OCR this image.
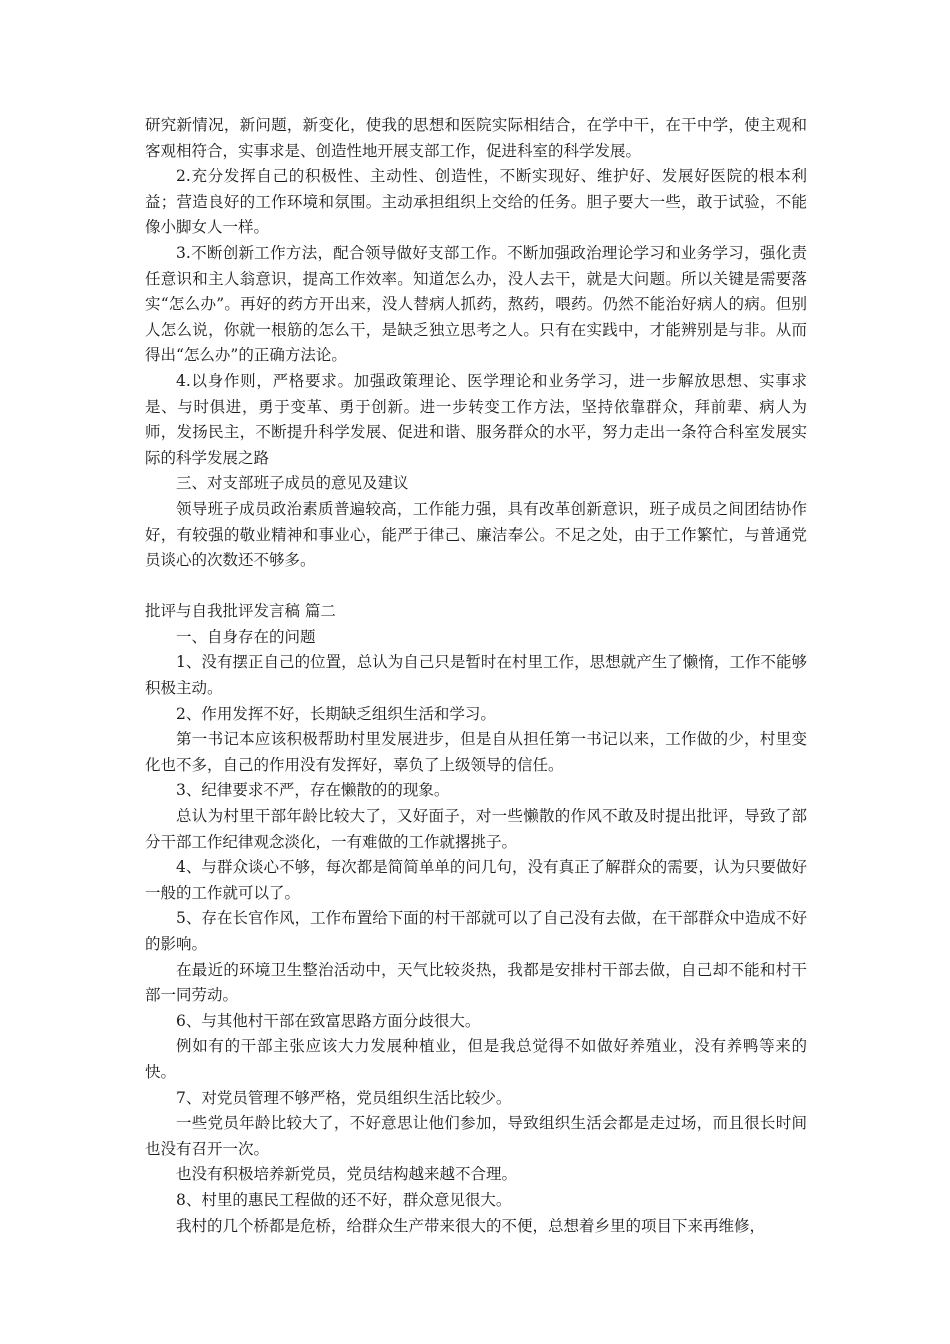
研究新情况，新问题，新变化，使我的思想和医院实际相结合，在学中干，在干中学，使主观和客观相符合，实事求是、创造性地开展支部工作，促进科室的科学发展。

2.充分发挥自己的积极性、主动性、创造性，不断实现好、维护好、发展好医院的根本利益；营造良好的工作环境和氛围。主动承担组织上交给的任务。胆子要大一些，敢于试验，不能像小脚女人一样。

3.不断创新工作方法，配合领导做好支部工作。不断加强政治理论学习和业务学习，强化责任意识和主人翁意识，提高工作效率。知道怎么办，没人去干，就是大问题。所以关键是需要落实“怎么办”。再好的药方开出来，没人替病人抓药，熬药，喂药。仍然不能治好病人的病。但别人怎么说，你就一根筋的怎么干，是缺乏独立思考之人。只有在实践中，才能辨别是与非。从而得出“怎么办”的正确方法论。

4.以身作则，严格要求。加强政策理论、医学理论和业务学习，进一步解放思想、实事求是、与时俱进，勇于变革、勇于创新。进一步转变工作方法，坚持依靠群众，拜前辈、病人为师，发扬民主，不断提升科学发展、促进和谐、服务群众的水平，努力走出一条符合科室发展实际的科学发展之路

三、对支部班子成员的意见及建议

领导班子成员政治素质普遍较高，工作能力强，具有改革创新意识，班子成员之间团结协作好，有较强的敬业精神和事业心，能严于律己、廉洁奉公。不足之处，由于工作繁忙，与普通党员谈心的次数还不够多。

批评与自我批评发言稿 篇二

一、自身存在的问题

1、没有摆正自己的位置，总认为自己只是暂时在村里工作，思想就产生了懒惰，工作不能够积极主动。

2、作用发挥不好，长期缺乏组织生活和学习。

第一书记本应该积极帮助村里发展进步，但是自从担任第一书记以来，工作做的少，村里变化也不多，自己的作用没有发挥好，辜负了上级领导的信任。

3、纪律要求不严，存在懒散的的现象。

总认为村里干部年龄比较大了，又好面子，对一些懒散的作风不敢及时提出批评，导致了部分干部工作纪律观念淡化，一有难做的工作就撂挑子。

4、与群众谈心不够，每次都是简简单单的问几句，没有真正了解群众的需要，认为只要做好一般的工作就可以了。

5、存在长官作风，工作布置给下面的村干部就可以了自己没有去做，在干部群众中造成不好的影响。

在最近的环境卫生整治活动中，天气比较炎热，我都是安排村干部去做，自己却不能和村干部一同劳动。

6、与其他村干部在致富思路方面分歧很大。

例如有的干部主张应该大力发展种植业，但是我总觉得不如做好养殖业，没有养鸭等来的快。

7、对党员管理不够严格，党员组织生活比较少。

一些党员年龄比较大了，不好意思让他们参加，导致组织生活会都是走过场，而且很长时间也没有召开一次。

也没有积极培养新党员，党员结构越来越不合理。

8、村里的惠民工程做的还不好，群众意见很大。

我村的几个桥都是危桥，给群众生产带来很大的不便，总想着乡里的项目下来再维修，
